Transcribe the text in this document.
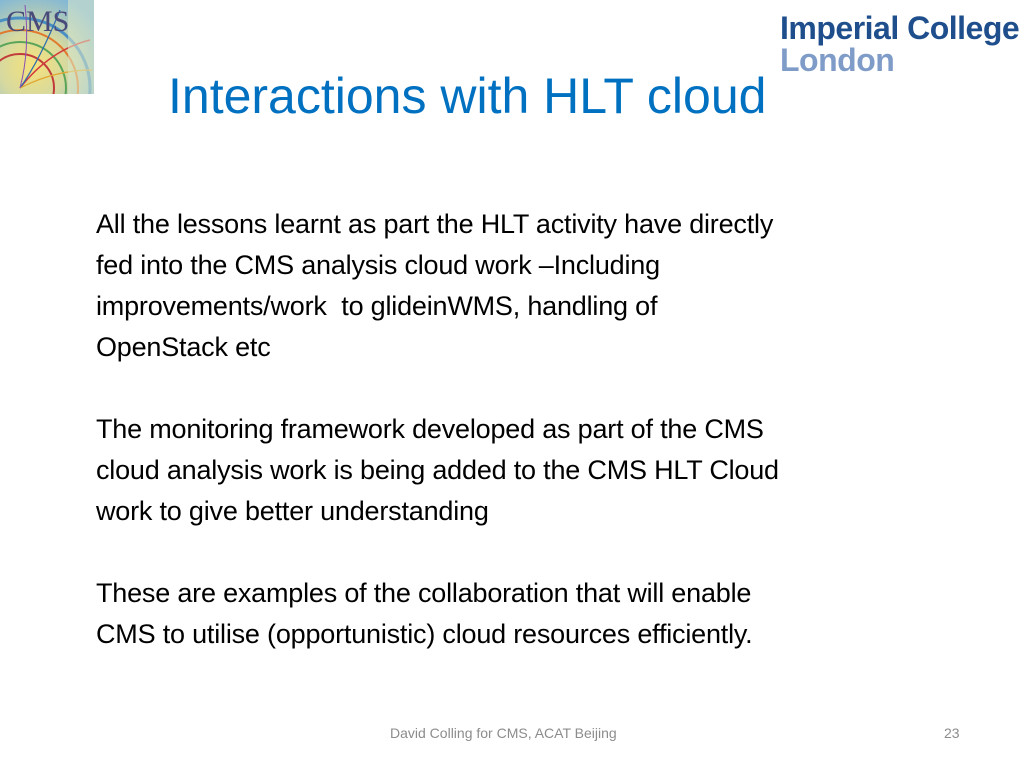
CMS	Imperial College
London
Interactions with HLT cloud
All the lessons learnt as part the HLT activity have directly
fed into the CMS analysis cloud work –Including
improvements/work  to glideinWMS, handling of
OpenStack etc
The monitoring framework developed as part of the CMS
cloud analysis work is being added to the CMS HLT Cloud
work to give better understanding
These are examples of the collaboration that will enable
CMS to utilise (opportunistic) cloud resources efficiently.
David Colling for CMS, ACAT Beijing	23
